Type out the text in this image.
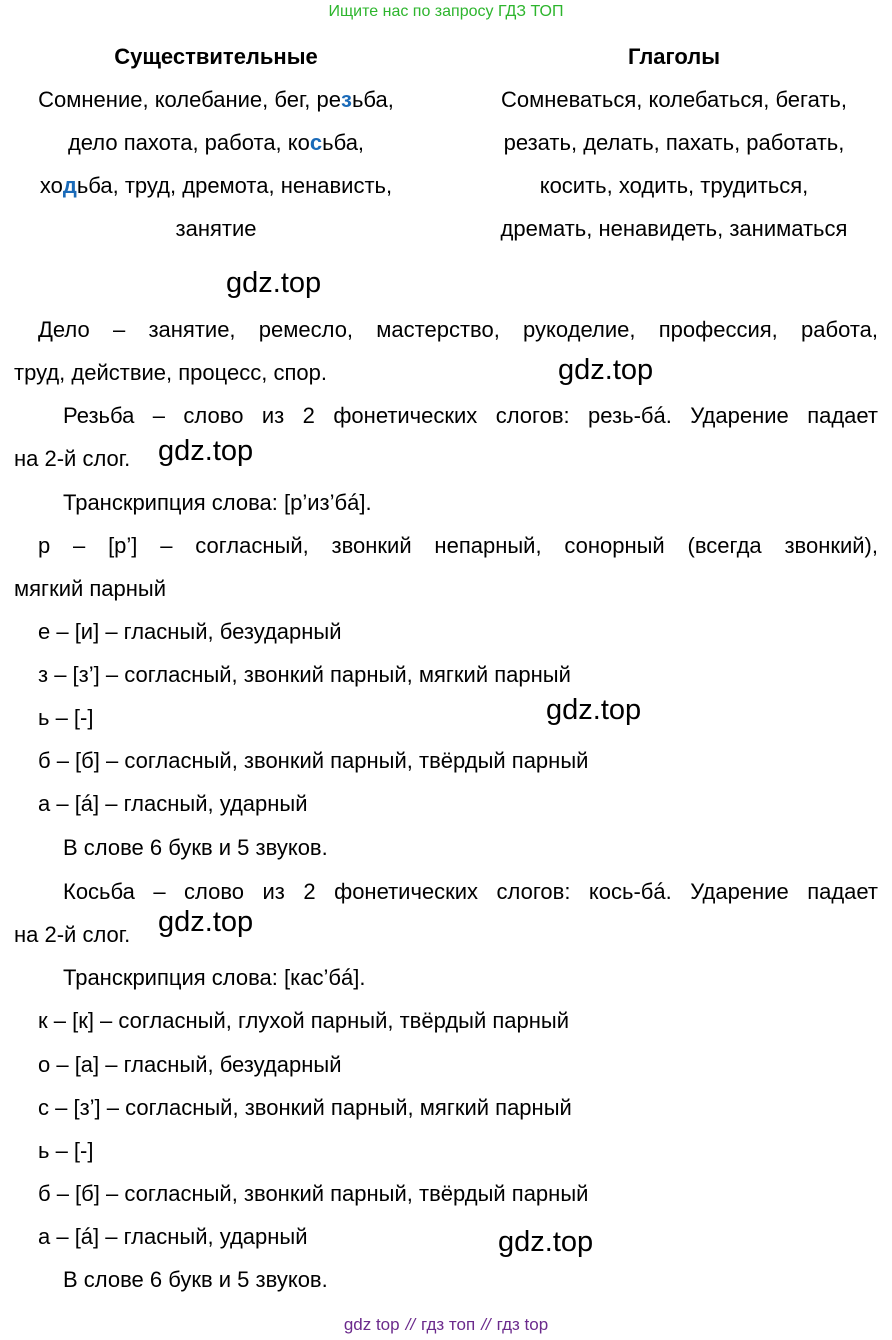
Ищите нас по запросу ГДЗ ТОП
Существительные
Сомнение, колебание, бег, резьба,
дело пахота, работа, косьба,
ходьба, труд, дремота, ненависть,
занятие
Глаголы
Сомневаться, колебаться, бегать,
резать, делать, пахать, работать,
косить, ходить, трудиться,
дремать, ненавидеть, заниматься
gdz.top
gdz.top
gdz.top
gdz.top
gdz.top
gdz.top
Дело – занятие, ремесло, мастерство, рукоделие, профессия, работа,
труд, действие, процесс, спор.
Резьба – слово из 2 фонетических слогов: резь-бá. Ударение падает
на 2-й слог.
Транскрипция слова: [р’из’бá].
р – [р’] – согласный, звонкий непарный, сонорный (всегда звонкий),
мягкий парный
е – [и] – гласный, безударный
з – [з’] – согласный, звонкий парный, мягкий парный
ь – [-]
б – [б] – согласный, звонкий парный, твёрдый парный
а – [á] – гласный, ударный
В слове 6 букв и 5 звуков.
Косьба – слово из 2 фонетических слогов: кось-бá. Ударение падает
на 2-й слог.
Транскрипция слова: [кас’бá].
к – [к] – согласный, глухой парный, твёрдый парный
о – [а] – гласный, безударный
с – [з’] – согласный, звонкий парный, мягкий парный
ь – [-]
б – [б] – согласный, звонкий парный, твёрдый парный
а – [á] – гласный, ударный
В слове 6 букв и 5 звуков.
gdz top // гдз топ // гдз top
